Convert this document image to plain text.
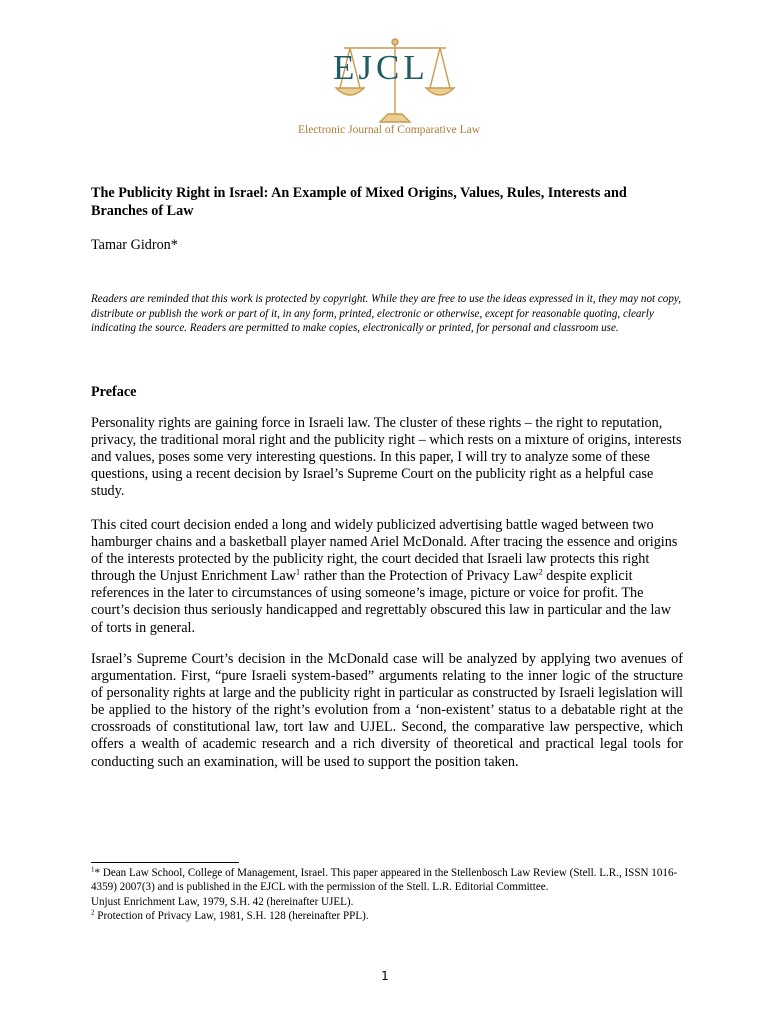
EJCL
Electronic Journal of Comparative Law
The Publicity Right in Israel: An Example of Mixed Origins, Values, Rules, Interests and Branches of Law
Tamar Gidron*
Readers are reminded that this work is protected by copyright. While they are free to use the ideas expressed in it, they may not copy, distribute or publish the work or part of it, in any form, printed, electronic or otherwise, except for reasonable quoting, clearly indicating the source. Readers are permitted to make copies, electronically or printed, for personal and classroom use.
Preface

Personality rights are gaining force in Israeli law. The cluster of these rights – the right to reputation, privacy, the traditional moral right and the publicity right – which rests on a mixture of origins, interests and values, poses some very interesting questions. In this paper, I will try to analyze some of these questions, using a recent decision by Israel’s Supreme Court on the publicity right as a helpful case study.

This cited court decision ended a long and widely publicized advertising battle waged between two hamburger chains and a basketball player named Ariel McDonald. After tracing the essence and origins of the interests protected by the publicity right, the court decided that Israeli law protects this right through the Unjust Enrichment Law$^1$ rather than the Protection of Privacy Law$^2$ despite explicit references in the later to circumstances of using someone’s image, picture or voice for profit. The court’s decision thus seriously handicapped and regrettably obscured this law in particular and the law of torts in general.

Israel’s Supreme Court’s decision in the McDonald case will be analyzed by applying two avenues of argumentation. First, “pure Israeli system-based” arguments relating to the inner logic of the structure of personality rights at large and the publicity right in particular as constructed by Israeli legislation will be applied to the history of the right’s evolution from a ‘non-existent’ status to a debatable right at the crossroads of constitutional law, tort law and UJEL. Second, the comparative law perspective, which offers a wealth of academic research and a rich diversity of theoretical and practical legal tools for conducting such an examination, will be used to support the position taken.

$^1$* Dean Law School, College of Management, Israel. This paper appeared in the Stellenbosch Law Review (Stell. L.R., ISSN 1016-4359) 2007(3) and is published in the EJCL with the permission of the Stell. L.R. Editorial Committee.
Unjust Enrichment Law, 1979, S.H. 42 (hereinafter UJEL).
$^2$ Protection of Privacy Law, 1981, S.H. 128 (hereinafter PPL).
1
